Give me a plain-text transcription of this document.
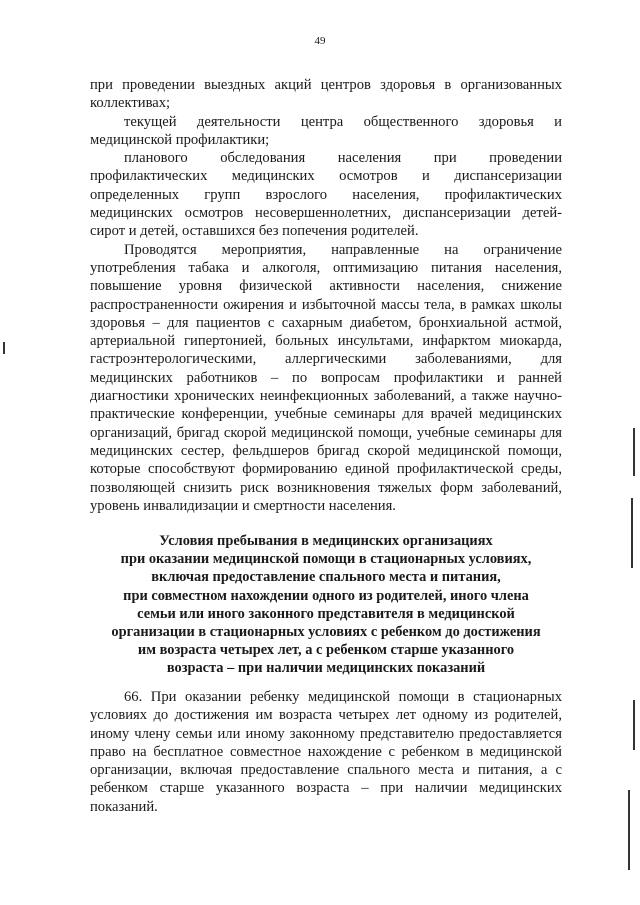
49

при проведении выездных акций центров здоровья в организованных коллективах;

текущей деятельности центра общественного здоровья и медицинской профилактики;

планового обследования населения при проведении профилактических медицинских осмотров и диспансеризации определенных групп взрослого населения, профилактических медицинских осмотров несовершеннолетних, диспансеризации детей-сирот и детей, оставшихся без попечения родителей.

Проводятся мероприятия, направленные на ограничение употребления табака и алкоголя, оптимизацию питания населения, повышение уровня физической активности населения, снижение распространенности ожирения и избыточной массы тела, в рамках школы здоровья – для пациентов с сахарным диабетом, бронхиальной астмой, артериальной гипертонией, больных инсультами, инфарктом миокарда, гастроэнтерологическими, аллергическими заболеваниями, для медицинских работников – по вопросам профилактики и ранней диагностики хронических неинфекционных заболеваний, а также научно-практические конференции, учебные семинары для врачей медицинских организаций, бригад скорой медицинской помощи, учебные семинары для медицинских сестер, фельдшеров бригад скорой медицинской помощи, которые способствуют формированию единой профилактической среды, позволяющей снизить риск возникновения тяжелых форм заболеваний, уровень инвалидизации и смертности населения.

Условия пребывания в медицинских организациях
при оказании медицинской помощи в стационарных условиях,
включая предоставление спального места и питания,
при совместном нахождении одного из родителей, иного члена
семьи или иного законного представителя в медицинской
организации в стационарных условиях с ребенком до достижения
им возраста четырех лет, а с ребенком старше указанного
возраста – при наличии медицинских показаний

66. При оказании ребенку медицинской помощи в стационарных условиях до достижения им возраста четырех лет одному из родителей, иному члену семьи или иному законному представителю предоставляется право на бесплатное совместное нахождение с ребенком в медицинской организации, включая предоставление спального места и питания, а с ребенком старше указанного возраста – при наличии медицинских показаний.
